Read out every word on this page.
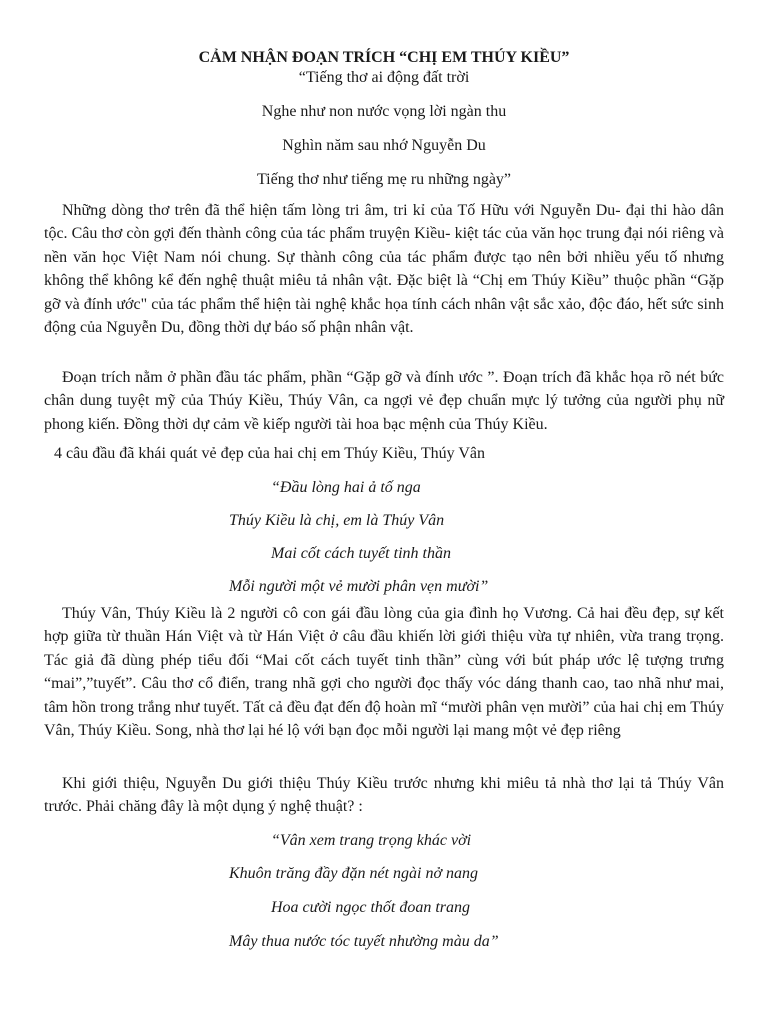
CẢM NHẬN ĐOẠN TRÍCH “CHỊ EM THÚY KIỀU”
“Tiếng thơ ai động đất trời
Nghe như non nước vọng lời ngàn thu
Nghìn năm sau nhớ Nguyễn Du
Tiếng thơ như tiếng mẹ ru những ngày”

Những dòng thơ trên đã thể hiện tấm lòng tri âm, tri kỉ của Tố Hữu với Nguyễn Du- đại thi hào dân tộc. Câu thơ còn gợi đến thành công của tác phẩm truyện Kiều- kiệt tác của văn học trung đại nói riêng và nền văn học Việt Nam nói chung. Sự thành công của tác phẩm được tạo nên bởi nhiều yếu tố nhưng không thể không kể đến nghệ thuật miêu tả nhân vật. Đặc biệt là “Chị em Thúy Kiều” thuộc phần “Gặp gỡ và đính ước" của tác phẩm thể hiện tài nghệ khắc họa tính cách nhân vật sắc xảo, độc đáo, hết sức sinh động của Nguyễn Du, đồng thời dự báo số phận nhân vật.

Đoạn trích nằm ở phần đầu tác phẩm, phần “Gặp gỡ và đính ước ”. Đoạn trích đã khắc họa rõ nét bức chân dung tuyệt mỹ của Thúy Kiều, Thúy Vân, ca ngợi vẻ đẹp chuẩn mực lý tưởng của người phụ nữ phong kiến. Đồng thời dự cảm về kiếp người tài hoa bạc mệnh của Thúy Kiều.

4 câu đầu đã khái quát vẻ đẹp của hai chị em Thúy Kiều, Thúy Vân
“Đầu lòng hai ả tố nga
Thúy Kiều là chị, em là Thúy Vân
Mai cốt cách tuyết tinh thần
Mỗi người một vẻ mười phân vẹn mười”

Thúy Vân, Thúy Kiều là 2 người cô con gái đầu lòng của gia đình họ Vương. Cả hai đều đẹp, sự kết hợp giữa từ thuần Hán Việt và từ Hán Việt ở câu đầu khiến lời giới thiệu vừa tự nhiên, vừa trang trọng. Tác giả đã dùng phép tiểu đối “Mai cốt cách tuyết tinh thần” cùng với bút pháp ước lệ tượng trưng “mai”,”tuyết”. Câu thơ cổ điển, trang nhã gợi cho người đọc thấy vóc dáng thanh cao, tao nhã như mai, tâm hồn trong trắng như tuyết. Tất cả đều đạt đến độ hoàn mĩ “mười phân vẹn mười” của hai chị em Thúy Vân, Thúy Kiều. Song, nhà thơ lại hé lộ với bạn đọc mỗi người lại mang một vẻ đẹp riêng

Khi giới thiệu, Nguyễn Du giới thiệu Thúy Kiều trước nhưng khi miêu tả nhà thơ lại tả Thúy Vân trước. Phải chăng đây là một dụng ý nghệ thuật? :

“Vân xem trang trọng khác vời
Khuôn trăng đầy đặn nét ngài nở nang
Hoa cười ngọc thốt đoan trang
Mây thua nước tóc tuyết nhường màu da”
